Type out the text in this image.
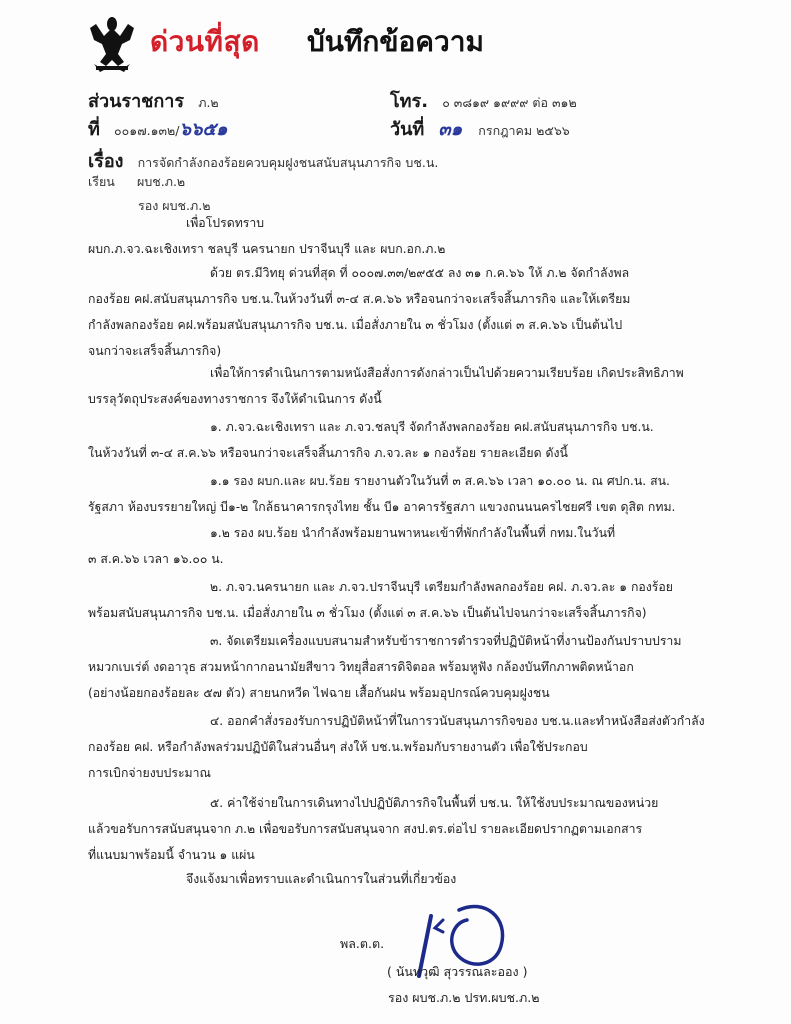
ด่วนที่สุด บันทึกข้อความ
ส่วนราชการ ภ.๒	โทร. ๐ ๓๘๑๙ ๑๙๙๙ ต่อ ๓๑๒
ที่ ๐๐๑๗.๑๓๒/๖๖๕๑	วันที่ ๓๑ กรกฎาคม ๒๕๖๖
เรื่อง การจัดกำลังกองร้อยควบคุมฝูงชนสนับสนุนภารกิจ บช.น.
เรียน ผบช.ภ.๒
รอง ผบช.ภ.๒
เพื่อโปรดทราบ
ผบก.ภ.จว.ฉะเชิงเทรา ชลบุรี นครนายก ปราจีนบุรี และ ผบก.อก.ภ.๒
ด้วย ตร.มีวิทยุ ด่วนที่สุด ที่ ๐๐๐๗.๓๓/๒๙๕๕ ลง ๓๑ ก.ค.๖๖ ให้ ภ.๒ จัดกำลังพล
กองร้อย คฝ.สนับสนุนภารกิจ บช.น.ในห้วงวันที่ ๓-๔ ส.ค.๖๖ หรือจนกว่าจะเสร็จสิ้นภารกิจ และให้เตรียม
กำลังพลกองร้อย คฝ.พร้อมสนับสนุนภารกิจ บช.น. เมื่อสั่งภายใน ๓ ชั่วโมง (ตั้งแต่ ๓ ส.ค.๖๖ เป็นต้นไป
จนกว่าจะเสร็จสิ้นภารกิจ)
เพื่อให้การดำเนินการตามหนังสือสั่งการดังกล่าวเป็นไปด้วยความเรียบร้อย เกิดประสิทธิภาพ
บรรลุวัตถุประสงค์ของทางราชการ จึงให้ดำเนินการ ดังนี้
๑. ภ.จว.ฉะเชิงเทรา และ ภ.จว.ชลบุรี จัดกำลังพลกองร้อย คฝ.สนับสนุนภารกิจ บช.น.
ในห้วงวันที่ ๓-๔ ส.ค.๖๖ หรือจนกว่าจะเสร็จสิ้นภารกิจ ภ.จว.ละ ๑ กองร้อย รายละเอียด ดังนี้
๑.๑ รอง ผบก.และ ผบ.ร้อย รายงานตัวในวันที่ ๓ ส.ค.๖๖ เวลา ๑๐.๐๐ น. ณ ศปก.น. สน.
รัฐสภา ห้องบรรยายใหญ่ บี๑-๒ ใกล้ธนาคารกรุงไทย ชั้น บี๑ อาคารรัฐสภา แขวงถนนนครไชยศรี เขต ดุสิต กทม.
๑.๒ รอง ผบ.ร้อย นำกำลังพร้อมยานพาหนะเข้าที่พักกำลังในพื้นที่ กทม.ในวันที่
๓ ส.ค.๖๖ เวลา ๑๖.๐๐ น.
๒. ภ.จว.นครนายก และ ภ.จว.ปราจีนบุรี เตรียมกำลังพลกองร้อย คฝ. ภ.จว.ละ ๑ กองร้อย
พร้อมสนับสนุนภารกิจ บช.น. เมื่อสั่งภายใน ๓ ชั่วโมง (ตั้งแต่ ๓ ส.ค.๖๖ เป็นต้นไปจนกว่าจะเสร็จสิ้นภารกิจ)
๓. จัดเตรียมเครื่องแบบสนามสำหรับข้าราชการตำรวจที่ปฏิบัติหน้าที่งานป้องกันปราบปราม
หมวกเบเร่ต์ งดอาวุธ สวมหน้ากากอนามัยสีขาว วิทยุสื่อสารดิจิตอล พร้อมหูฟัง กล้องบันทึกภาพติดหน้าอก
(อย่างน้อยกองร้อยละ ๕๗ ตัว) สายนกหวีด ไฟฉาย เสื้อกันฝน พร้อมอุปกรณ์ควบคุมฝูงชน
๔. ออกคำสั่งรองรับการปฏิบัติหน้าที่ในการวนับสนุนภารกิจของ บช.น.และทำหนังสือส่งตัวกำลัง
กองร้อย คฝ. หรือกำลังพลร่วมปฏิบัติในส่วนอื่นๆ ส่งให้ บช.น.พร้อมกับรายงานตัว เพื่อใช้ประกอบ
การเบิกจ่ายงบประมาณ
๕. ค่าใช้จ่ายในการเดินทางไปปฏิบัติภารกิจในพื้นที่ บช.น. ให้ใช้งบประมาณของหน่วย
แล้วขอรับการสนับสนุนจาก ภ.๒ เพื่อขอรับการสนับสนุนจาก สงป.ตร.ต่อไป รายละเอียดปรากฏตามเอกสาร
ที่แนบมาพร้อมนี้ จำนวน ๑ แผ่น
จึงแจ้งมาเพื่อทราบและดำเนินการในส่วนที่เกี่ยวข้อง
พล.ต.ต.
( นันทวุฒิ สุวรรณละออง )
รอง ผบช.ภ.๒ ปรท.ผบช.ภ.๒
